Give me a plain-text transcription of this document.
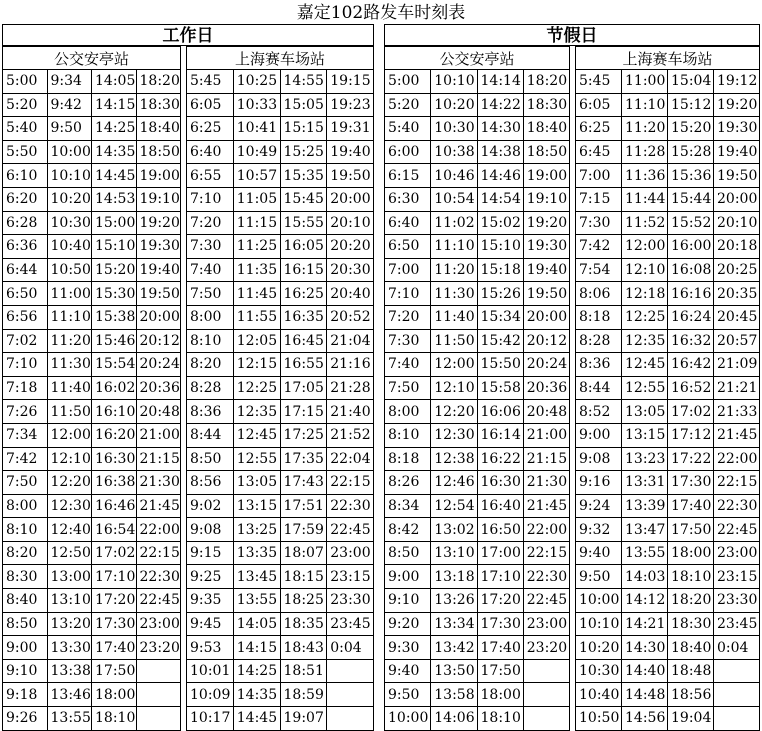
嘉定102路发车时刻表
工作日
公交安亭站			
5:00	9:34	14:05	18:20
5:20	9:42	14:15	18:30
5:40	9:50	14:25	18:40
5:50	10:00	14:35	18:50
6:10	10:10	14:45	19:00
6:20	10:20	14:53	19:10
6:28	10:30	15:00	19:20
6:36	10:40	15:10	19:30
6:44	10:50	15:20	19:40
6:50	11:00	15:30	19:50
6:56	11:10	15:38	20:00
7:02	11:20	15:46	20:12
7:10	11:30	15:54	20:24
7:18	11:40	16:02	20:36
7:26	11:50	16:10	20:48
7:34	12:00	16:20	21:00
7:42	12:10	16:30	21:15
7:50	12:20	16:38	21:30
8:00	12:30	16:46	21:45
8:10	12:40	16:54	22:00
8:20	12:50	17:02	22:15
8:30	13:00	17:10	22:30
8:40	13:10	17:20	22:45
8:50	13:20	17:30	23:00
9:00	13:30	17:40	23:20
9:10	13:38	17:50	
9:18	13:46	18:00	
9:26	13:55	18:10	
上海赛车场站			
5:45	10:25	14:55	19:15
6:05	10:33	15:05	19:23
6:25	10:41	15:15	19:31
6:40	10:49	15:25	19:40
6:55	10:57	15:35	19:50
7:10	11:05	15:45	20:00
7:20	11:15	15:55	20:10
7:30	11:25	16:05	20:20
7:40	11:35	16:15	20:30
7:50	11:45	16:25	20:40
8:00	11:55	16:35	20:52
8:10	12:05	16:45	21:04
8:20	12:15	16:55	21:16
8:28	12:25	17:05	21:28
8:36	12:35	17:15	21:40
8:44	12:45	17:25	21:52
8:50	12:55	17:35	22:04
8:56	13:05	17:43	22:15
9:02	13:15	17:51	22:30
9:08	13:25	17:59	22:45
9:15	13:35	18:07	23:00
9:25	13:45	18:15	23:15
9:35	13:55	18:25	23:30
9:45	14:05	18:35	23:45
9:53	14:15	18:43	0:04
10:01	14:25	18:51	
10:09	14:35	18:59	
10:17	14:45	19:07	
节假日
公交安亭站			
5:00	10:10	14:14	18:20
5:20	10:20	14:22	18:30
5:40	10:30	14:30	18:40
6:00	10:38	14:38	18:50
6:15	10:46	14:46	19:00
6:30	10:54	14:54	19:10
6:40	11:02	15:02	19:20
6:50	11:10	15:10	19:30
7:00	11:20	15:18	19:40
7:10	11:30	15:26	19:50
7:20	11:40	15:34	20:00
7:30	11:50	15:42	20:12
7:40	12:00	15:50	20:24
7:50	12:10	15:58	20:36
8:00	12:20	16:06	20:48
8:10	12:30	16:14	21:00
8:18	12:38	16:22	21:15
8:26	12:46	16:30	21:30
8:34	12:54	16:40	21:45
8:42	13:02	16:50	22:00
8:50	13:10	17:00	22:15
9:00	13:18	17:10	22:30
9:10	13:26	17:20	22:45
9:20	13:34	17:30	23:00
9:30	13:42	17:40	23:20
9:40	13:50	17:50	
9:50	13:58	18:00	
10:00	14:06	18:10	
上海赛车场站			
5:45	11:00	15:04	19:12
6:05	11:10	15:12	19:20
6:25	11:20	15:20	19:30
6:45	11:28	15:28	19:40
7:00	11:36	15:36	19:50
7:15	11:44	15:44	20:00
7:30	11:52	15:52	20:10
7:42	12:00	16:00	20:18
7:54	12:10	16:08	20:25
8:06	12:18	16:16	20:35
8:18	12:25	16:24	20:45
8:28	12:35	16:32	20:57
8:36	12:45	16:42	21:09
8:44	12:55	16:52	21:21
8:52	13:05	17:02	21:33
9:00	13:15	17:12	21:45
9:08	13:23	17:22	22:00
9:16	13:31	17:30	22:15
9:24	13:39	17:40	22:30
9:32	13:47	17:50	22:45
9:40	13:55	18:00	23:00
9:50	14:03	18:10	23:15
10:00	14:12	18:20	23:30
10:10	14:21	18:30	23:45
10:20	14:30	18:40	0:04
10:30	14:40	18:48	
10:40	14:48	18:56	
10:50	14:56	19:04	
